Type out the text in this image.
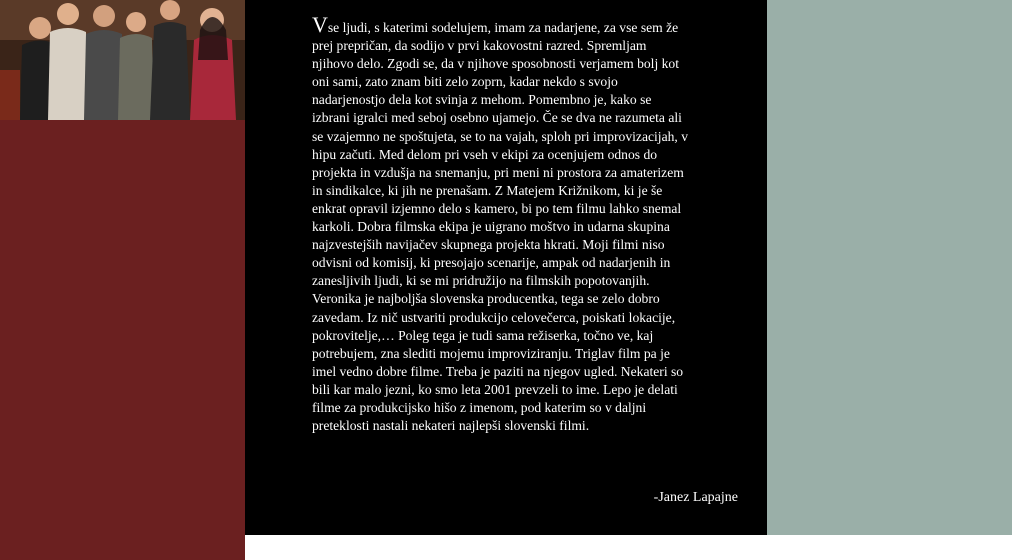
Vse ljudi, s katerimi sodelujem, imam za nadarjene, za vse sem že prej prepričan, da sodijo v prvi kakovostni razred. Spremljam njihovo delo. Zgodi se, da v njihove sposobnosti verjamem bolj kot oni sami, zato znam biti zelo zoprn, kadar nekdo s svojo nadarjenostjo dela kot svinja z mehom. Pomembno je, kako se izbrani igralci med seboj osebno ujamejo. Če se dva ne razumeta ali se vzajemno ne spoštujeta, se to na vajah, sploh pri improvizacijah, v hipu začuti. Med delom pri vseh v ekipi za ocenjujem odnos do projekta in vzdušja na snemanju, pri meni ni prostora za amaterizem in sindikalce, ki jih ne prenašam. Z Matejem Križnikom, ki je še enkrat opravil izjemno delo s kamero, bi po tem filmu lahko snemal karkoli. Dobra filmska ekipa je uigrano moštvo in udarna skupina najzvestejših navijačev skupnega projekta hkrati. Moji filmi niso odvisni od komisij, ki presojajo scenarije, ampak od nadarjenih in zanesljivih ljudi, ki se mi pridružijo na filmskih popotovanjih. Veronika je najboljša slovenska producentka, tega se zelo dobro zavedam. Iz nič ustvariti produkcijo celovečerca, poiskati lokacije, pokrovitelje,… Poleg tega je tudi sama režiserka, točno ve, kaj potrebujem, zna slediti mojemu improviziranju. Triglav film pa je imel vedno dobre filme. Treba je paziti na njegov ugled. Nekateri so bili kar malo jezni, ko smo leta 2001 prevzeli to ime. Lepo je delati filme za produkcijsko hišo z imenom, pod katerim so v daljni preteklosti nastali nekateri najlepši slovenski filmi.

-Janez Lapajne
